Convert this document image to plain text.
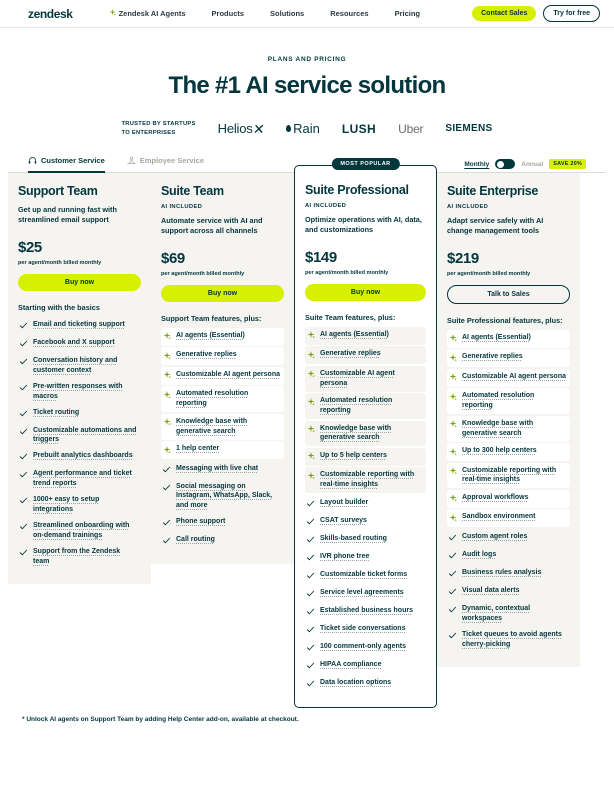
zendesk	Zendesk AI Agents	Products	Solutions	Resources	Pricing	Contact Sales	Try for free
PLANS AND PRICING
The #1 AI service solution
TRUSTED BY STARTUPS
TO ENTERPRISES	Helios ✕ Rain LUSH Uber SIEMENS
Customer Service	Employee Service	Monthly	Annual	SAVE 20%
Support Team
Get up and running fast with streamlined email support
$25
per agent/month billed monthly
Buy now
Starting with the basics
Email and ticketing support
Facebook and X support
Conversation history and customer context
Pre-written responses with macros
Ticket routing
Customizable automations and triggers
Prebuilt analytics dashboards
Agent performance and ticket trend reports
1000+ easy to setup integrations
Streamlined onboarding with on-demand trainings
Support from the Zendesk team
Suite Team
AI INCLUDED
Automate service with AI and support across all channels
$69
per agent/month billed monthly
Buy now
Support Team features, plus:
AI agents (Essential)
Generative replies
Customizable AI agent persona
Automated resolution reporting
Knowledge base with generative search
1 help center
Messaging with live chat
Social messaging on Instagram, WhatsApp, Slack, and more
Phone support
Call routing
MOST POPULAR
Suite Professional
AI INCLUDED
Optimize operations with AI, data, and customizations
$149
per agent/month billed monthly
Buy now
Suite Team features, plus:
AI agents (Essential)
Generative replies
Customizable AI agent persona
Automated resolution reporting
Knowledge base with generative search
Up to 5 help centers
Customizable reporting with real-time insights
Layout builder
CSAT surveys
Skills-based routing
IVR phone tree
Customizable ticket forms
Service level agreements
Established business hours
Ticket side conversations
100 comment-only agents
HIPAA compliance
Data location options
Suite Enterprise
AI INCLUDED
Adapt service safely with AI change management tools
$219
per agent/month billed monthly
Talk to Sales
Suite Professional features, plus:
AI agents (Essential)
Generative replies
Customizable AI agent persona
Automated resolution reporting
Knowledge base with generative search
Up to 300 help centers
Customizable reporting with real-time insights
Approval workflows
Sandbox environment
Custom agent roles
Audit logs
Business rules analysis
Visual data alerts
Dynamic, contextual workspaces
Ticket queues to avoid agents cherry-picking
* Unlock AI agents on Support Team by adding Help Center add-on, available at checkout.
